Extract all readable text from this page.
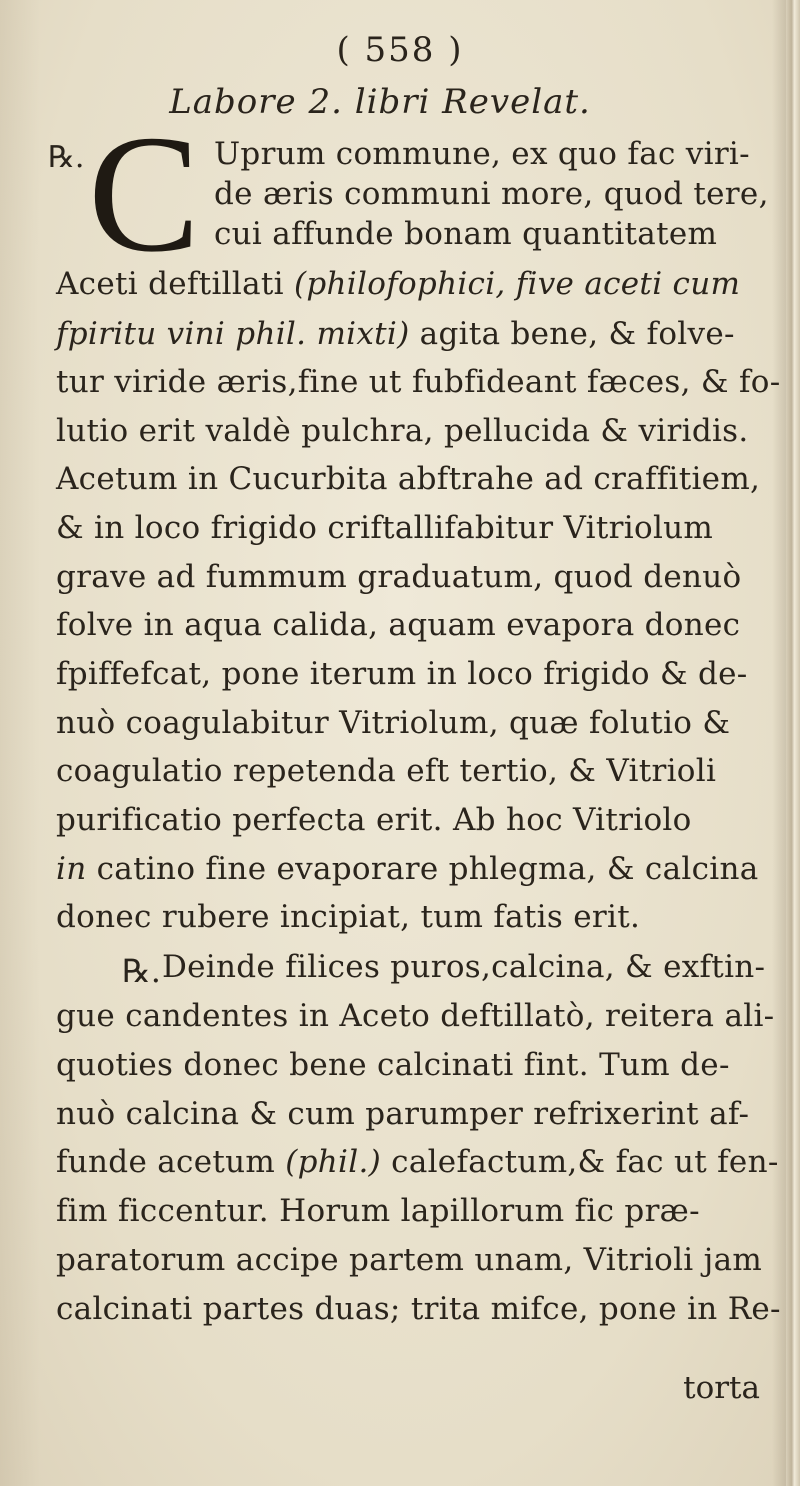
( 558 )
Labore 2. libri Revelat.
℞. C Uprum commune, ex quo fac viri-
de æris communi more, quod tere,
cui affunde bonam quantitatem
Aceti deftillati (philofophici, five aceti cum
fpiritu vini phil. mixti) agita bene, & folve-
tur viride æris,fine ut fubfideant fæces, & fo-
lutio erit valdè pulchra, pellucida & viridis.
Acetum in Cucurbita abftrahe ad craffitiem,
& in loco frigido criftallifabitur Vitriolum
grave ad fummum graduatum, quod denuò
folve in aqua calida, aquam evapora donec
fpiffefcat, pone iterum in loco frigido & de-
nuò coagulabitur Vitriolum, quæ folutio &
coagulatio repetenda eft tertio, & Vitrioli
purificatio perfecta erit. Ab hoc Vitriolo
in catino fine evaporare phlegma, & calcina
donec rubere incipiat, tum fatis erit.
Deinde filices puros,calcina, & exftin-
gue candentes in Aceto deftillatò, reitera ali-
quoties donec bene calcinati fint. Tum de-
nuò calcina & cum parumper refrixerint af-
funde acetum (phil.) calefactum,& fac ut fen-
fim ficcentur. Horum lapillorum fic præ-
paratorum accipe partem unam, Vitrioli jam
calcinati partes duas; trita mifce, pone in Re-
℞.
torta
